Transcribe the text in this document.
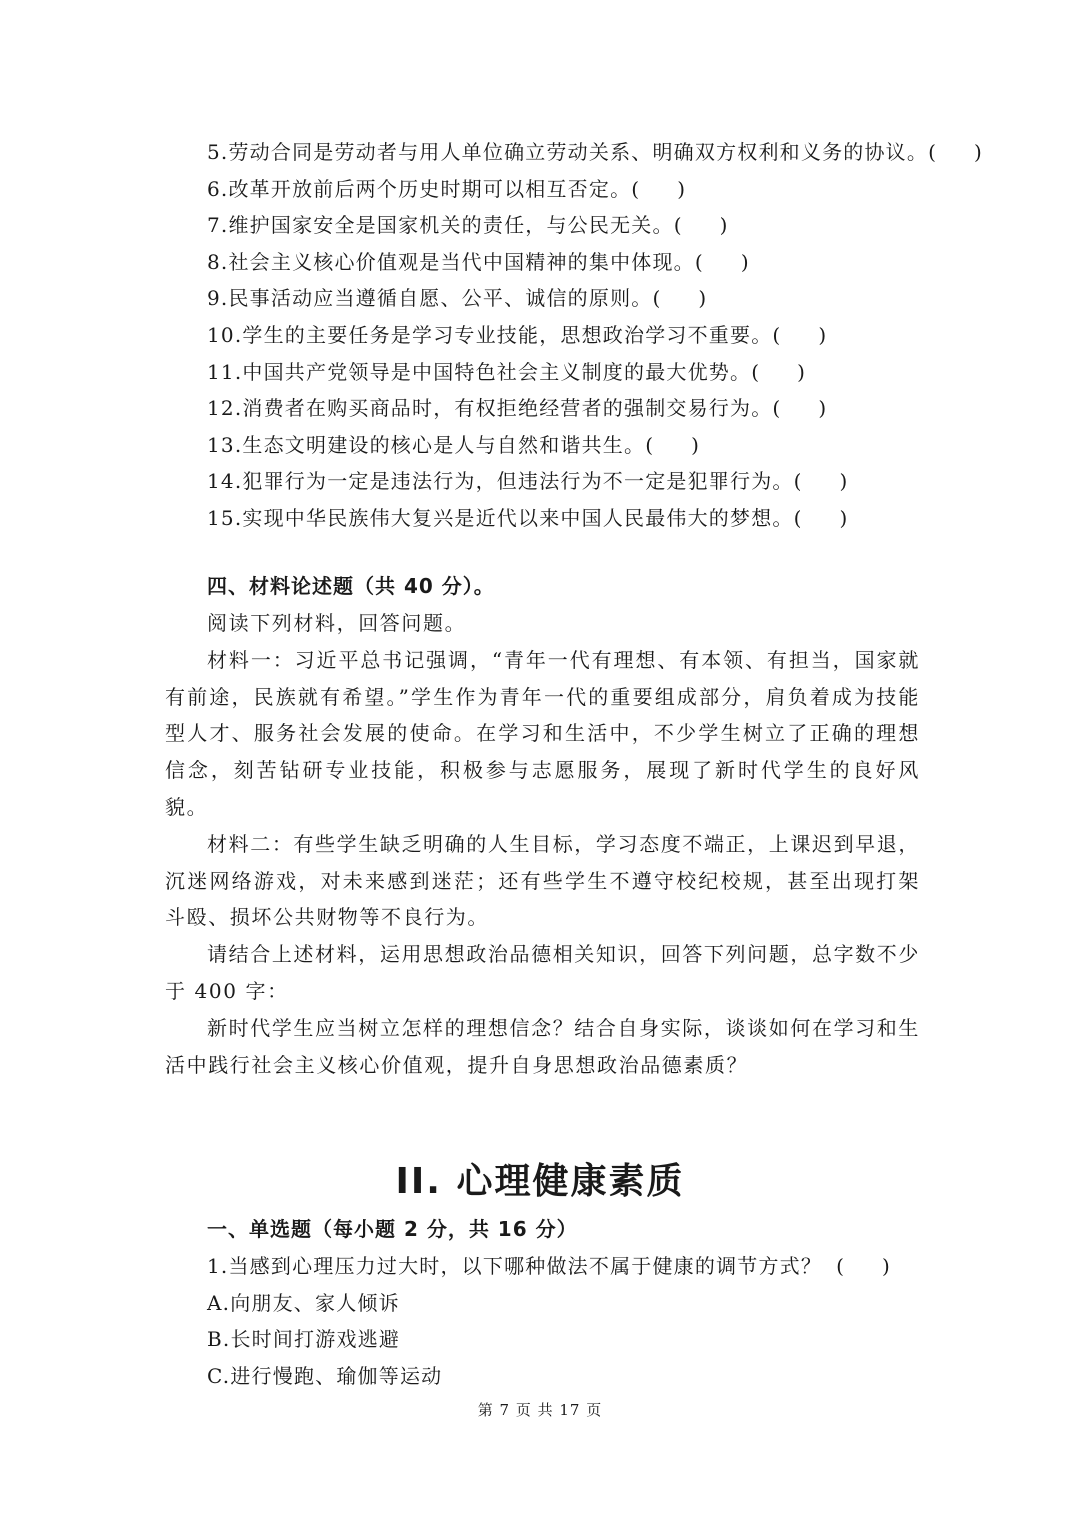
5.劳动合同是劳动者与用人单位确立劳动关系、明确双方权利和义务的协议。(      )
6.改革开放前后两个历史时期可以相互否定。(      )
7.维护国家安全是国家机关的责任，与公民无关。(      )
8.社会主义核心价值观是当代中国精神的集中体现。(      )
9.民事活动应当遵循自愿、公平、诚信的原则。(      )
10.学生的主要任务是学习专业技能，思想政治学习不重要。(      )
11.中国共产党领导是中国特色社会主义制度的最大优势。(      )
12.消费者在购买商品时，有权拒绝经营者的强制交易行为。(      )
13.生态文明建设的核心是人与自然和谐共生。(      )
14.犯罪行为一定是违法行为，但违法行为不一定是犯罪行为。(      )
15.实现中华民族伟大复兴是近代以来中国人民最伟大的梦想。(      )
四、材料论述题（共 40 分）。

阅读下列材料，回答问题。

材料一：习近平总书记强调，“青年一代有理想、有本领、有担当，国家就有前途，民族就有希望。”学生作为青年一代的重要组成部分，肩负着成为技能型人才、服务社会发展的使命。在学习和生活中，不少学生树立了正确的理想信念，刻苦钻研专业技能，积极参与志愿服务，展现了新时代学生的良好风貌。

材料二：有些学生缺乏明确的人生目标，学习态度不端正，上课迟到早退，沉迷网络游戏，对未来感到迷茫；还有些学生不遵守校纪校规，甚至出现打架斗殴、损坏公共财物等不良行为。

请结合上述材料，运用思想政治品德相关知识，回答下列问题，总字数不少于 400 字：

新时代学生应当树立怎样的理想信念？结合自身实际，谈谈如何在学习和生活中践行社会主义核心价值观，提升自身思想政治品德素质？

II. 心理健康素质
一、单选题（每小题 2 分，共 16 分）
1.当感到心理压力过大时，以下哪种做法不属于健康的调节方式？ (      )
A.向朋友、家人倾诉
B.长时间打游戏逃避
C.进行慢跑、瑜伽等运动
第 7 页 共 17 页
